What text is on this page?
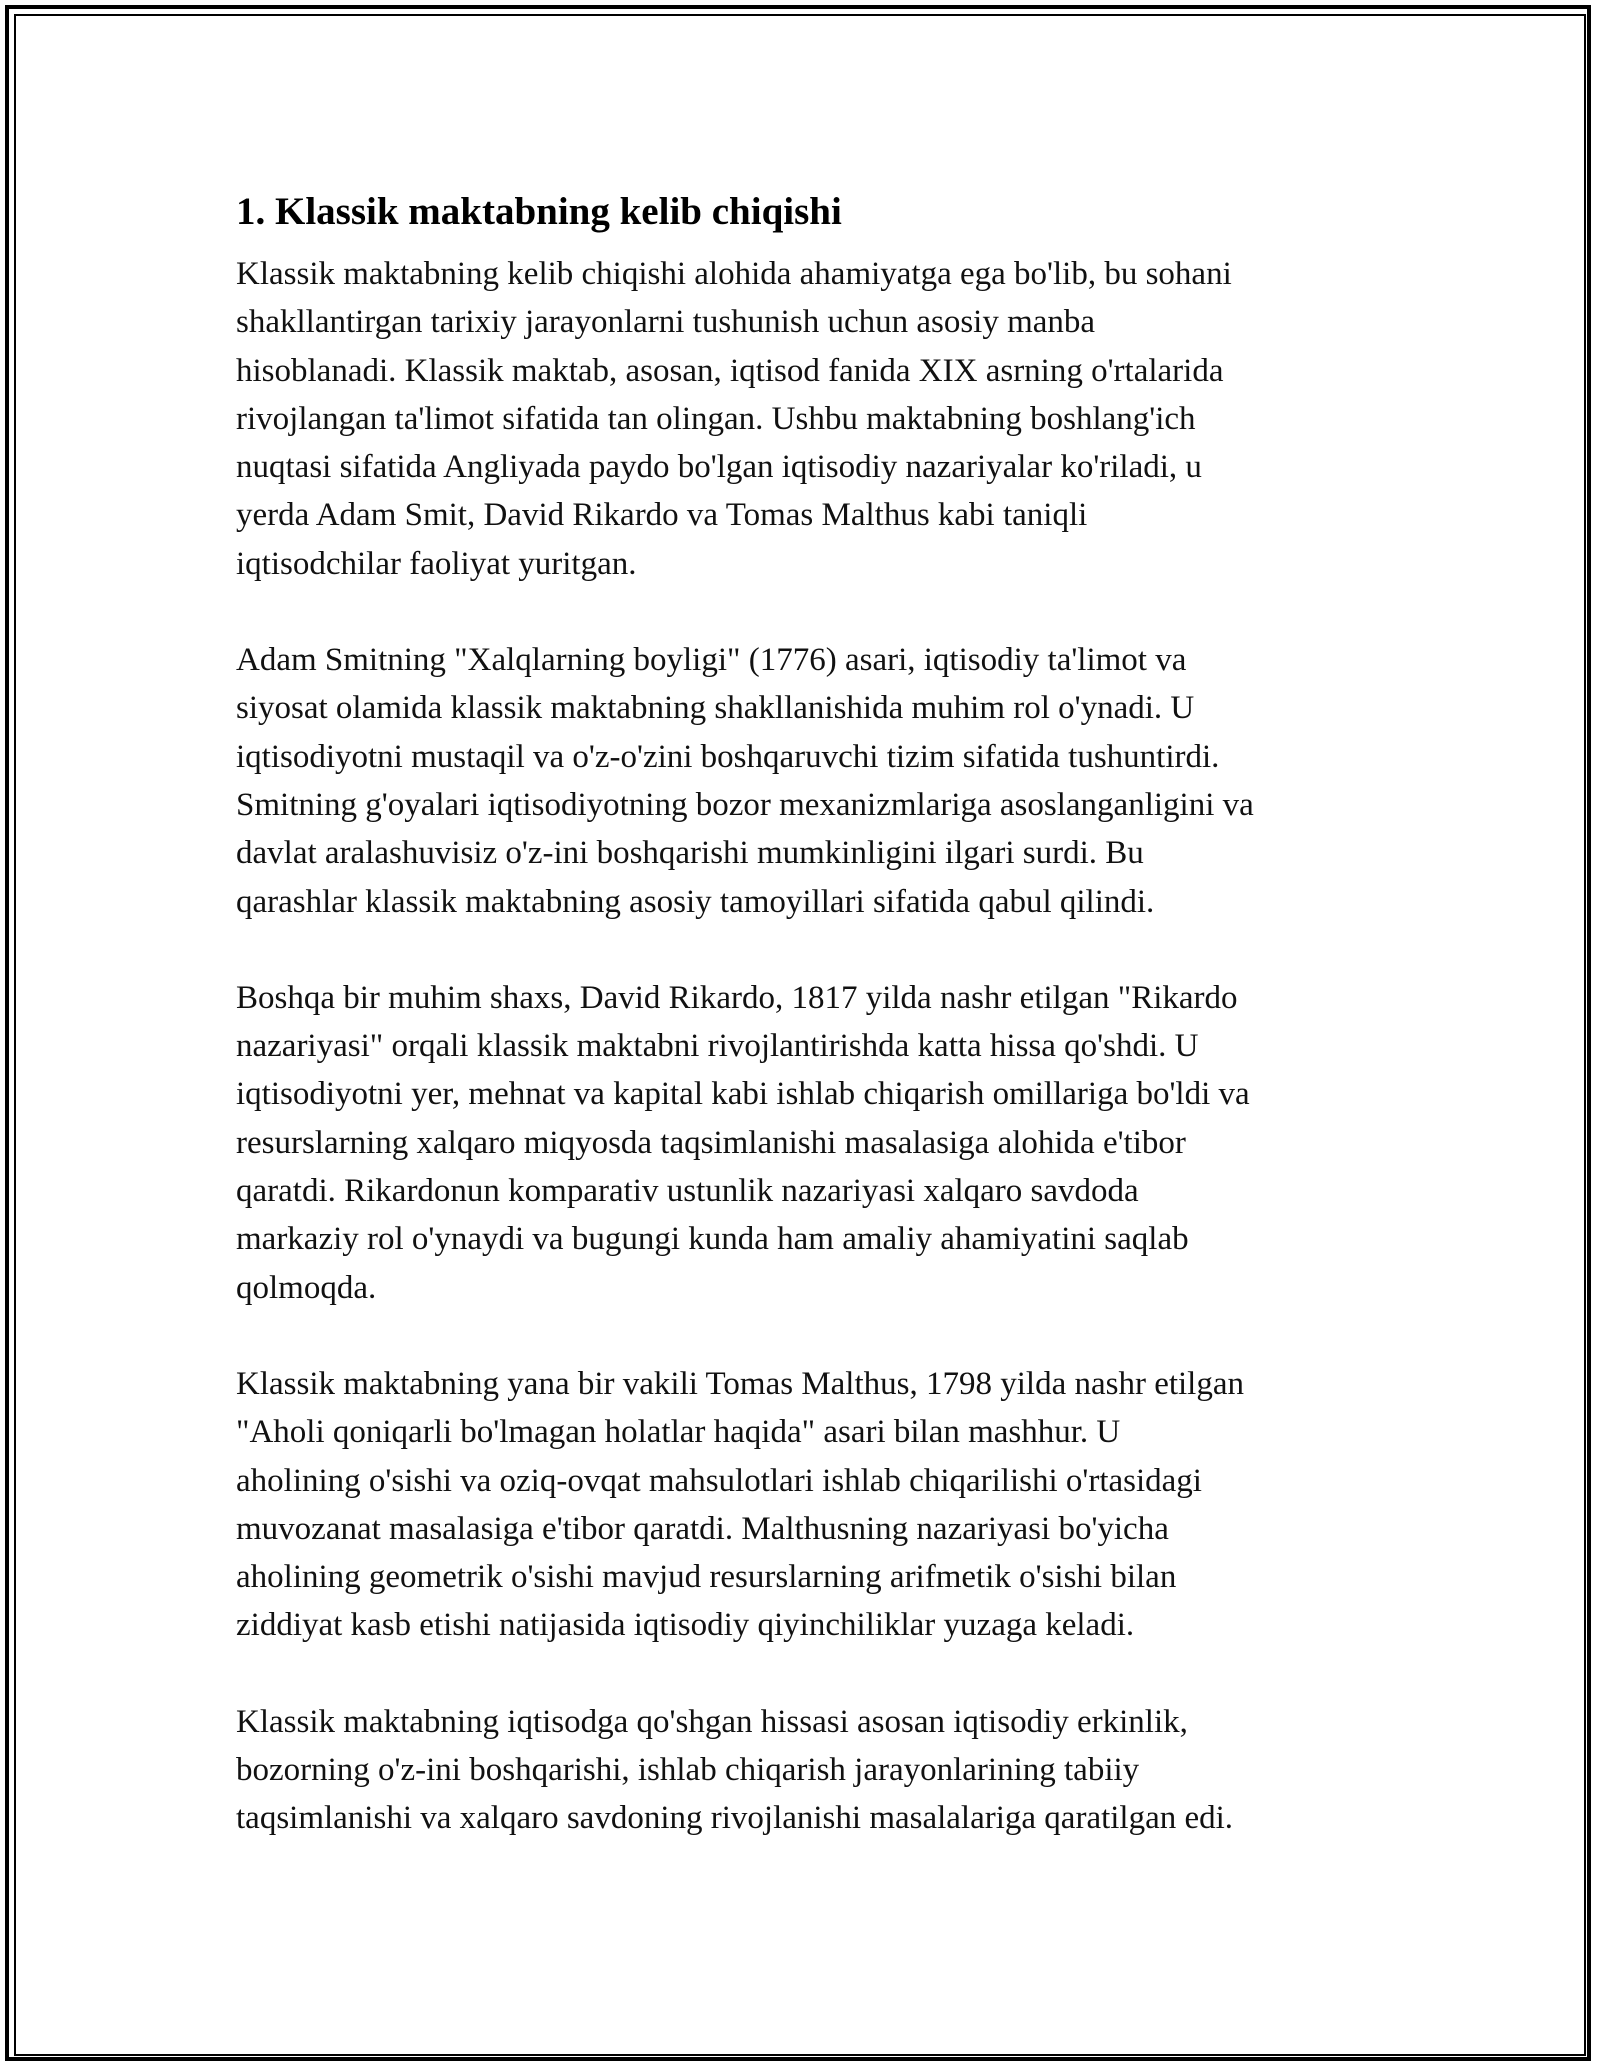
1. Klassik maktabning kelib chiqishi

Klassik maktabning kelib chiqishi alohida ahamiyatga ega bo'lib, bu sohani
shakllantirgan tarixiy jarayonlarni tushunish uchun asosiy manba
hisoblanadi. Klassik maktab, asosan, iqtisod fanida XIX asrning o'rtalarida
rivojlangan ta'limot sifatida tan olingan. Ushbu maktabning boshlang'ich
nuqtasi sifatida Angliyada paydo bo'lgan iqtisodiy nazariyalar ko'riladi, u
yerda Adam Smit, David Rikardo va Tomas Malthus kabi taniqli
iqtisodchilar faoliyat yuritgan.

Adam Smitning "Xalqlarning boyligi" (1776) asari, iqtisodiy ta'limot va
siyosat olamida klassik maktabning shakllanishida muhim rol o'ynadi. U
iqtisodiyotni mustaqil va o'z-o'zini boshqaruvchi tizim sifatida tushuntirdi.
Smitning g'oyalari iqtisodiyotning bozor mexanizmlariga asoslanganligini va
davlat aralashuvisiz o'z-ini boshqarishi mumkinligini ilgari surdi. Bu
qarashlar klassik maktabning asosiy tamoyillari sifatida qabul qilindi.

Boshqa bir muhim shaxs, David Rikardo, 1817 yilda nashr etilgan "Rikardo
nazariyasi" orqali klassik maktabni rivojlantirishda katta hissa qo'shdi. U
iqtisodiyotni yer, mehnat va kapital kabi ishlab chiqarish omillariga bo'ldi va
resurslarning xalqaro miqyosda taqsimlanishi masalasiga alohida e'tibor
qaratdi. Rikardonun komparativ ustunlik nazariyasi xalqaro savdoda
markaziy rol o'ynaydi va bugungi kunda ham amaliy ahamiyatini saqlab
qolmoqda.

Klassik maktabning yana bir vakili Tomas Malthus, 1798 yilda nashr etilgan
"Aholi qoniqarli bo'lmagan holatlar haqida" asari bilan mashhur. U
aholining o'sishi va oziq-ovqat mahsulotlari ishlab chiqarilishi o'rtasidagi
muvozanat masalasiga e'tibor qaratdi. Malthusning nazariyasi bo'yicha
aholining geometrik o'sishi mavjud resurslarning arifmetik o'sishi bilan
ziddiyat kasb etishi natijasida iqtisodiy qiyinchiliklar yuzaga keladi.

Klassik maktabning iqtisodga qo'shgan hissasi asosan iqtisodiy erkinlik,
bozorning o'z-ini boshqarishi, ishlab chiqarish jarayonlarining tabiiy
taqsimlanishi va xalqaro savdoning rivojlanishi masalalariga qaratilgan edi.
